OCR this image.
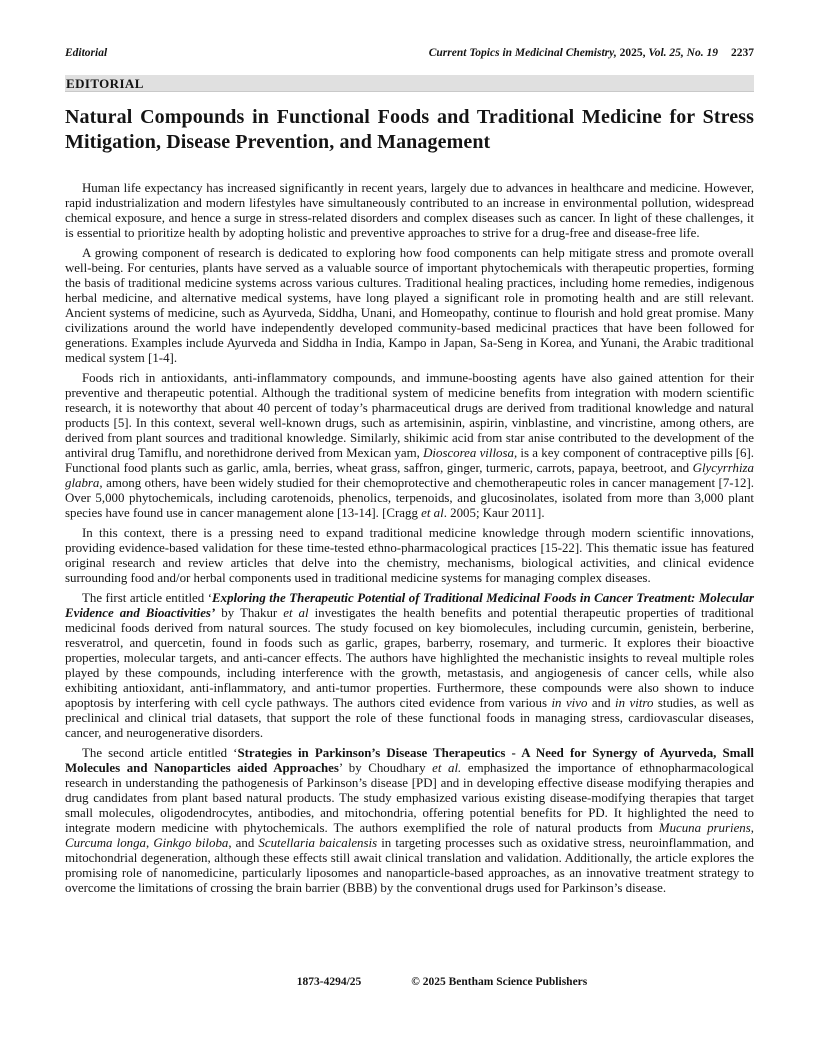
Editorial	Current Topics in Medicinal Chemistry, 2025, Vol. 25, No. 19 2237
EDITORIAL
Natural Compounds in Functional Foods and Traditional Medicine for Stress Mitigation, Disease Prevention, and Management

Human life expectancy has increased significantly in recent years, largely due to advances in healthcare and medicine. However, rapid industrialization and modern lifestyles have simultaneously contributed to an increase in environmental pollution, widespread chemical exposure, and hence a surge in stress-related disorders and complex diseases such as cancer. In light of these challenges, it is essential to prioritize health by adopting holistic and preventive approaches to strive for a drug-free and disease-free life.

A growing component of research is dedicated to exploring how food components can help mitigate stress and promote overall well-being. For centuries, plants have served as a valuable source of important phytochemicals with therapeutic properties, forming the basis of traditional medicine systems across various cultures. Traditional healing practices, including home remedies, indigenous herbal medicine, and alternative medical systems, have long played a significant role in promoting health and are still relevant. Ancient systems of medicine, such as Ayurveda, Siddha, Unani, and Homeopathy, continue to flourish and hold great promise. Many civilizations around the world have independently developed community-based medicinal practices that have been followed for generations. Examples include Ayurveda and Siddha in India, Kampo in Japan, Sa-Seng in Korea, and Yunani, the Arabic traditional medical system [1-4].

Foods rich in antioxidants, anti-inflammatory compounds, and immune-boosting agents have also gained attention for their preventive and therapeutic potential. Although the traditional system of medicine benefits from integration with modern scientific research, it is noteworthy that about 40 percent of today’s pharmaceutical drugs are derived from traditional knowledge and natural products [5]. In this context, several well-known drugs, such as artemisinin, aspirin, vinblastine, and vincristine, among others, are derived from plant sources and traditional knowledge. Similarly, shikimic acid from star anise contributed to the development of the antiviral drug Tamiflu, and norethidrone derived from Mexican yam, Dioscorea villosa, is a key component of contraceptive pills [6]. Functional food plants such as garlic, amla, berries, wheat grass, saffron, ginger, turmeric, carrots, papaya, beetroot, and Glycyrrhiza glabra, among others, have been widely studied for their chemoprotective and chemotherapeutic roles in cancer management [7-12]. Over 5,000 phytochemicals, including carotenoids, phenolics, terpenoids, and glucosinolates, isolated from more than 3,000 plant species have found use in cancer management alone [13-14]. [Cragg et al. 2005; Kaur 2011].

In this context, there is a pressing need to expand traditional medicine knowledge through modern scientific innovations, providing evidence-based validation for these time-tested ethno-pharmacological practices [15-22]. This thematic issue has featured original research and review articles that delve into the chemistry, mechanisms, biological activities, and clinical evidence surrounding food and/or herbal components used in traditional medicine systems for managing complex diseases.

The first article entitled ‘Exploring the Therapeutic Potential of Traditional Medicinal Foods in Cancer Treatment: Molecular Evidence and Bioactivities’ by Thakur et al investigates the health benefits and potential therapeutic properties of traditional medicinal foods derived from natural sources. The study focused on key biomolecules, including curcumin, genistein, berberine, resveratrol, and quercetin, found in foods such as garlic, grapes, barberry, rosemary, and turmeric. It explores their bioactive properties, molecular targets, and anti-cancer effects. The authors have highlighted the mechanistic insights to reveal multiple roles played by these compounds, including interference with the growth, metastasis, and angiogenesis of cancer cells, while also exhibiting antioxidant, anti-inflammatory, and anti-tumor properties. Furthermore, these compounds were also shown to induce apoptosis by interfering with cell cycle pathways. The authors cited evidence from various in vivo and in vitro studies, as well as preclinical and clinical trial datasets, that support the role of these functional foods in managing stress, cardiovascular diseases, cancer, and neurogenerative disorders.

The second article entitled ‘Strategies in Parkinson’s Disease Therapeutics - A Need for Synergy of Ayurveda, Small Molecules and Nanoparticles aided Approaches’ by Choudhary et al. emphasized the importance of ethnopharmacological research in understanding the pathogenesis of Parkinson’s disease [PD] and in developing effective disease modifying therapies and drug candidates from plant based natural products. The study emphasized various existing disease-modifying therapies that target small molecules, oligodendrocytes, antibodies, and mitochondria, offering potential benefits for PD. It highlighted the need to integrate modern medicine with phytochemicals. The authors exemplified the role of natural products from Mucuna pruriens, Curcuma longa, Ginkgo biloba, and Scutellaria baicalensis in targeting processes such as oxidative stress, neuroinflammation, and mitochondrial degeneration, although these effects still await clinical translation and validation. Additionally, the article explores the promising role of nanomedicine, particularly liposomes and nanoparticle-based approaches, as an innovative treatment strategy to overcome the limitations of crossing the brain barrier (BBB) by the conventional drugs used for Parkinson’s disease.

1873-4294/25	© 2025 Bentham Science Publishers
